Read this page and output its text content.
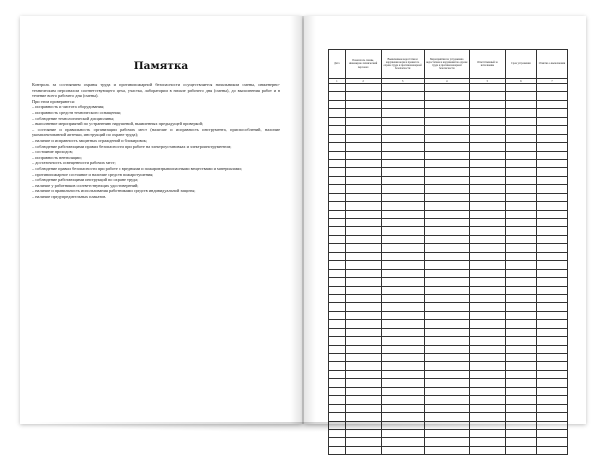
Памятка

Контроль за состоянием охраны труда и противопожарной безопасности осуществляется начальником смены, инженерно-техническим персоналом соответствующего цеха, участка, лаборатории в начале рабочего дня (смены), до выполнения работ и в течение всего рабочего дня (смены).

При этом проверяются:

– исправность и чистота оборудования;
– исправность средств технического оснащения;
– соблюдение технологической дисциплины;
– выполнение мероприятий по устранению нарушений, выявленных предыдущей проверкой;
– состояние и правильность организации рабочих мест (наличие и исправность инструмента, приспособлений, наличие укомплектованной аптечки, инструкций по охране труда);
– наличие и исправность защитных ограждений и блокировок;
– соблюдение работающими правил безопасности при работе на электроустановках и электроинструментом;
– состояние проходов;
– исправность вентиляции;
– достаточность освещенности рабочих мест;
– соблюдение правил безопасности при работе с вредными и пожаровзрывоопасными веществами и материалами;
– противопожарное состояние и наличие средств пожаротушения;
– соблюдение работающими инструкций по охране труда;
– наличие у работников соответствующих удостоверений;
– наличие и правильность использования работниками средств индивидуальной защиты;
– наличие предупредительных плакатов.
Дата	Показатель смены, инженерно-технический персонал	Выявленные недостатки и нарушения норм и правил по охране труда и противопожарной безопасности	Мероприятия по устранению недостатков и нарушений по охране труда и противопожарной безопасности	Ответственный за исполнение	Срок устранения	Отметка о выполнении
1	2	3	4	5	6	7
